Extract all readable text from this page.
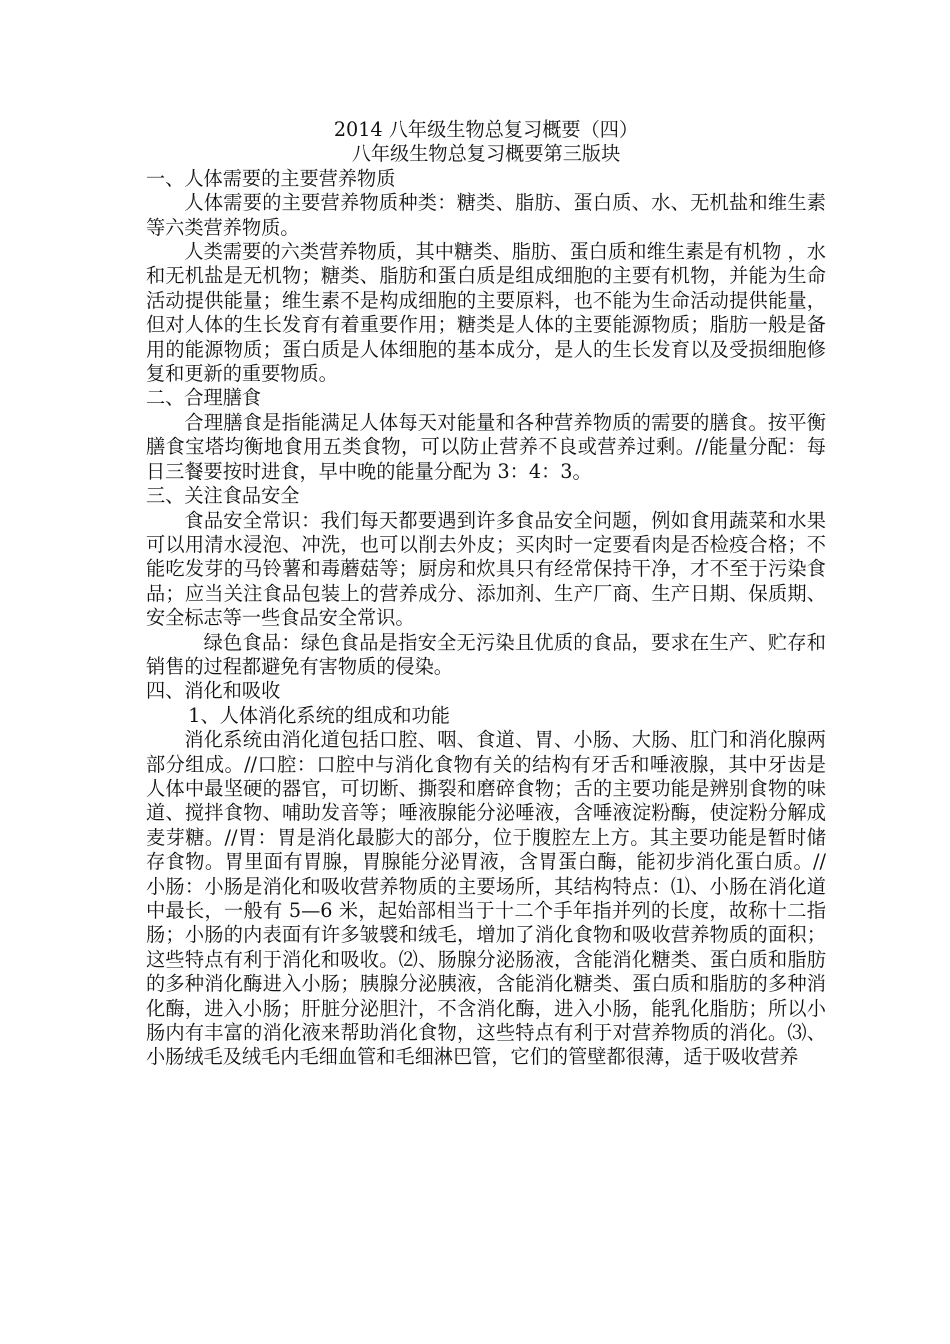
2014 八年级生物总复习概要（四）

八年级生物总复习概要第三版块

一、人体需要的主要营养物质

人体需要的主要营养物质种类：糖类、脂肪、蛋白质、水、无机盐和维生素等六类营养物质。

人类需要的六类营养物质，其中糖类、脂肪、蛋白质和维生素是有机物 ，水和无机盐是无机物；糖类、脂肪和蛋白质是组成细胞的主要有机物，并能为生命活动提供能量；维生素不是构成细胞的主要原料，也不能为生命活动提供能量，但对人体的生长发育有着重要作用；糖类是人体的主要能源物质；脂肪一般是备用的能源物质；蛋白质是人体细胞的基本成分，是人的生长发育以及受损细胞修复和更新的重要物质。

二、合理膳食

合理膳食是指能满足人体每天对能量和各种营养物质的需要的膳食。按平衡膳食宝塔均衡地食用五类食物，可以防止营养不良或营养过剩。//能量分配：每日三餐要按时进食，早中晚的能量分配为 3：4：3。

三、关注食品安全

食品安全常识：我们每天都要遇到许多食品安全问题，例如食用蔬菜和水果可以用清水浸泡、冲洗，也可以削去外皮；买肉时一定要看肉是否检疫合格；不能吃发芽的马铃薯和毒蘑菇等；厨房和炊具只有经常保持干净，才不至于污染食品；应当关注食品包装上的营养成分、添加剂、生产厂商、生产日期、保质期、安全标志等一些食品安全常识。

绿色食品：绿色食品是指安全无污染且优质的食品，要求在生产、贮存和销售的过程都避免有害物质的侵染。

四、消化和吸收

1、人体消化系统的组成和功能

消化系统由消化道包括口腔、咽、食道、胃、小肠、大肠、肛门和消化腺两部分组成。//口腔：口腔中与消化食物有关的结构有牙舌和唾液腺，其中牙齿是人体中最坚硬的器官，可切断、撕裂和磨碎食物；舌的主要功能是辨别食物的味道、搅拌食物、哺助发音等；唾液腺能分泌唾液，含唾液淀粉酶，使淀粉分解成麦芽糖。//胃：胃是消化最膨大的部分，位于腹腔左上方。其主要功能是暂时储存食物。胃里面有胃腺，胃腺能分泌胃液，含胃蛋白酶，能初步消化蛋白质。//小肠：小肠是消化和吸收营养物质的主要场所，其结构特点：⑴、小肠在消化道中最长，一般有 5—6 米，起始部相当于十二个手年指并列的长度，故称十二指肠；小肠的内表面有许多皱襞和绒毛，增加了消化食物和吸收营养物质的面积；这些特点有利于消化和吸收。⑵、肠腺分泌肠液，含能消化糖类、蛋白质和脂肪的多种消化酶进入小肠；胰腺分泌胰液，含能消化糖类、蛋白质和脂肪的多种消化酶，进入小肠；肝脏分泌胆汁，不含消化酶，进入小肠，能乳化脂肪；所以小肠内有丰富的消化液来帮助消化食物，这些特点有利于对营养物质的消化。⑶、小肠绒毛及绒毛内毛细血管和毛细淋巴管，它们的管壁都很薄，适于吸收营养
